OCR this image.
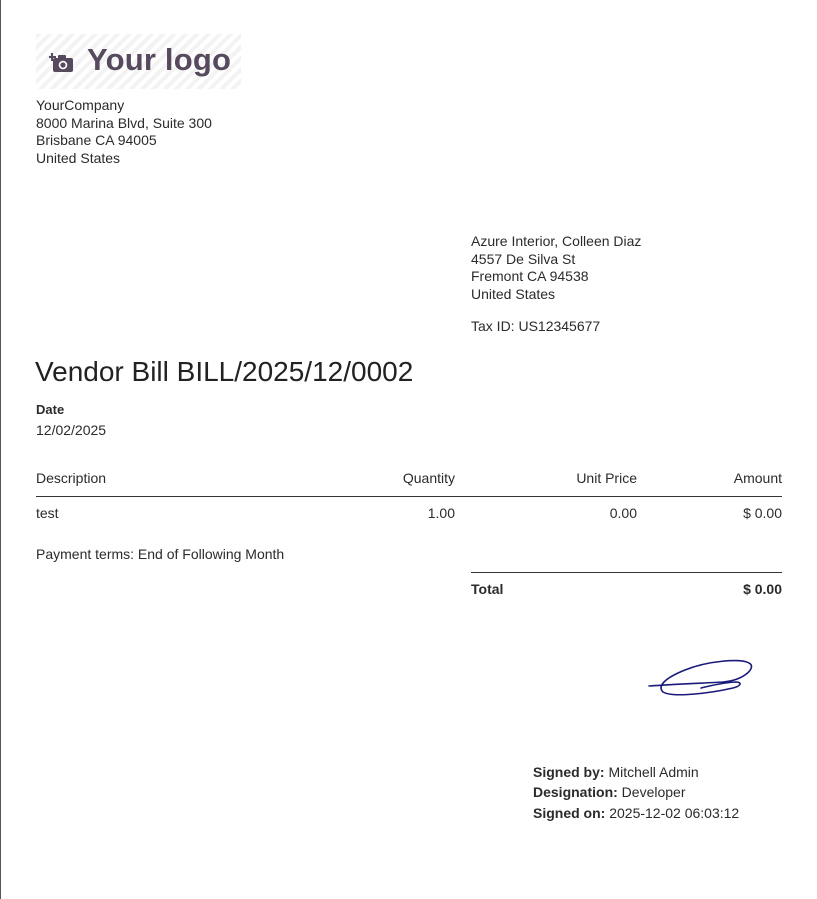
Your logo
YourCompany
8000 Marina Blvd, Suite 300
Brisbane CA 94005
United States
Azure Interior, Colleen Diaz
4557 De Silva St
Fremont CA 94538
United States
Tax ID: US12345677
Vendor Bill BILL/2025/12/0002
Date
12/02/2025
Description	Quantity	Unit Price	Amount
test	1.00	0.00	$ 0.00
Payment terms: End of Following Month
Total	$ 0.00
Signed by: Mitchell Admin
Designation: Developer
Signed on: 2025-12-02 06:03:12
